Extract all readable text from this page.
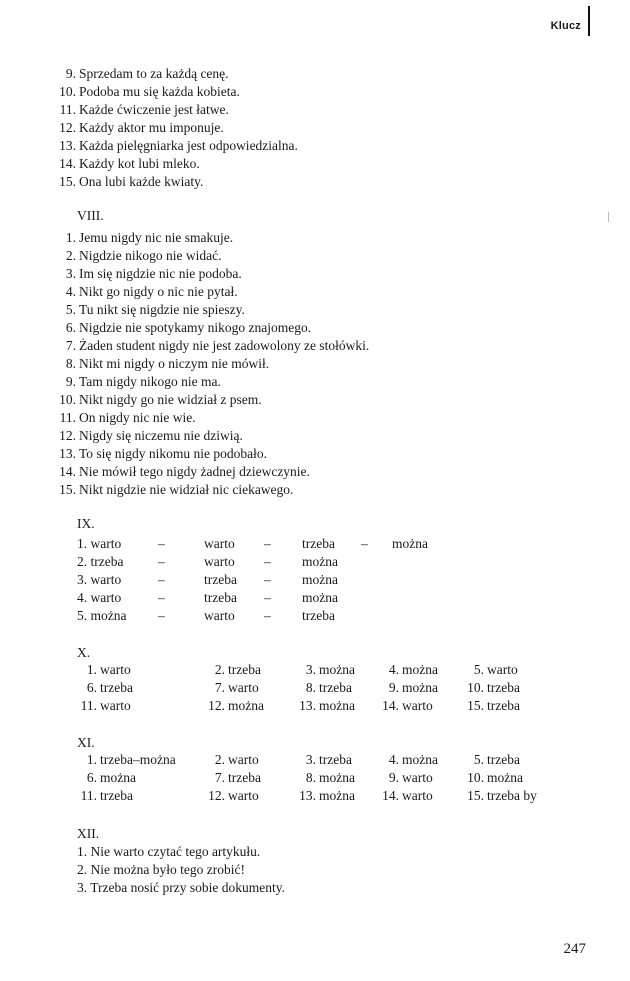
Klucz
9. Sprzedam to za każdą cenę.
10. Podoba mu się każda kobieta.
11. Każde ćwiczenie jest łatwe.
12. Każdy aktor mu imponuje.
13. Każda pielęgniarka jest odpowiedzialna.
14. Każdy kot lubi mleko.
15. Ona lubi każde kwiaty.
VIII.
1. Jemu nigdy nic nie smakuje.
2. Nigdzie nikogo nie widać.
3. Im się nigdzie nic nie podoba.
4. Nikt go nigdy o nic nie pytał.
5. Tu nikt się nigdzie nie spieszy.
6. Nigdzie nie spotykamy nikogo znajomego.
7. Żaden student nigdy nie jest zadowolony ze stołówki.
8. Nikt mi nigdy o niczym nie mówił.
9. Tam nigdy nikogo nie ma.
10. Nikt nigdy go nie widział z psem.
11. On nigdy nic nie wie.
12. Nigdy się niczemu nie dziwią.
13. To się nigdy nikomu nie podobało.
14. Nie mówił tego nigdy żadnej dziewczynie.
15. Nikt nigdzie nie widział nic ciekawego.
IX.
1. warto	–	warto – trzeba – można
2. trzeba	–	warto – można
3. warto	–	trzeba – można
4. warto	–	trzeba – można
5. można –	warto – trzeba
X.
1. warto	2. trzeba	3. można	4. można	5. warto
6. trzeba	7. warto	8. trzeba	9. można	10. trzeba
11. warto	12. można	13. można	14. warto	15. trzeba
XI.
1. trzeba–można	2. warto	3. trzeba	4. można	5. trzeba
6. można	7. trzeba	8. można	9. warto	10. można
11. trzeba	12. warto	13. można	14. warto	15. trzeba by
XII.
1. Nie warto czytać tego artykułu.
2. Nie można było tego zrobić!
3. Trzeba nosić przy sobie dokumenty.
247
